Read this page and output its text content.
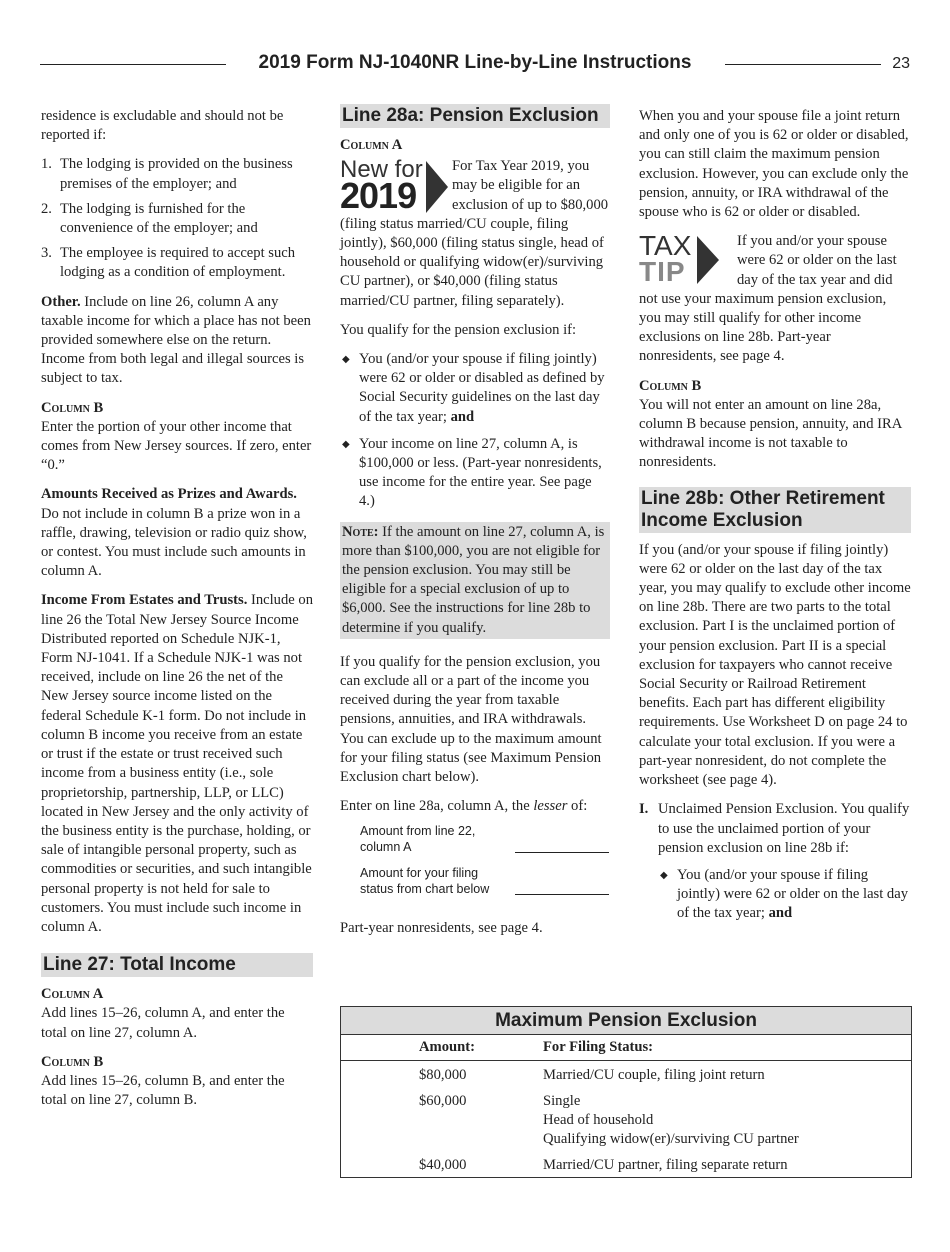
2019 Form NJ-1040NR Line-by-Line Instructions	23

residence is excludable and should not be reported if:

1. The lodging is provided on the business premises of the employer; and
2. The lodging is furnished for the convenience of the employer; and
3. The employee is required to accept such lodging as a condition of employment.

Other. Include on line 26, column A any taxable income for which a place has not been provided somewhere else on the return. Income from both legal and illegal sources is subject to tax.

Column B

Enter the portion of your other income that comes from New Jersey sources. If zero, enter “0.”

Amounts Received as Prizes and Awards. Do not include in column B a prize won in a raffle, drawing, television or radio quiz show, or contest. You must include such amounts in column A.

Income From Estates and Trusts. Include on line 26 the Total New Jersey Source Income Distributed reported on Schedule NJK-1, Form NJ-1041. If a Schedule NJK-1 was not received, include on line 26 the net of the New Jersey source income listed on the federal Schedule K-1 form. Do not include in column B income you receive from an estate or trust if the estate or trust received such income from a business entity (i.e., sole proprietorship, partnership, LLP, or LLC) located in New Jersey and the only activity of the business entity is the purchase, holding, or sale of intangible personal property, such as commodities or securities, and such intangible personal property is not held for sale to customers. You must include such income in column A.

Line 27: Total Income
Column A

Add lines 15–26, column A, and enter the total on line 27, column A.

Column B

Add lines 15–26, column B, and enter the total on line 27, column B.

Line 28a: Pension Exclusion
Column A
New for
2019
For Tax Year 2019, you may be eligible for an exclusion of up to $80,000 (filing status married/CU couple, filing jointly), $60,000 (filing status single, head of household or qualifying widow(er)/surviving CU partner), or $40,000 (filing status married/CU partner, filing separately).

You qualify for the pension exclusion if:

◆ You (and/or your spouse if filing jointly) were 62 or older or disabled as defined by Social Security guidelines on the last day of the tax year; and
◆ Your income on line 27, column A, is $100,000 or less. (Part-year nonresidents, use income for the entire year. See page 4.)
Note: If the amount on line 27, column A, is more than $100,000, you are not eligible for the pension exclusion. You may still be eligible for a special exclusion of up to $6,000. See the instructions for line 28b to determine if you qualify.

If you qualify for the pension exclusion, you can exclude all or a part of the income you received during the year from taxable pensions, annuities, and IRA withdrawals. You can exclude up to the maximum amount for your filing status (see Maximum Pension Exclusion chart below).

Enter on line 28a, column A, the lesser of:

Amount from line 22, column A
Amount for your filing status from chart below

Part-year nonresidents, see page 4.

When you and your spouse file a joint return and only one of you is 62 or older or disabled, you can still claim the maximum pension exclusion. However, you can exclude only the pension, annuity, or IRA withdrawal of the spouse who is 62 or older or disabled.

TAX
TIP
If you and/or your spouse were 62 or older on the last day of the tax year and did not use your maximum pension exclusion, you may still qualify for other income exclusions on line 28b. Part-year nonresidents, see page 4.
Column B

You will not enter an amount on line 28a, column B because pension, annuity, and IRA withdrawal income is not taxable to nonresidents.

Line 28b: Other Retirement Income Exclusion

If you (and/or your spouse if filing jointly) were 62 or older on the last day of the tax year, you may qualify to exclude other income on line 28b. There are two parts to the total exclusion. Part I is the unclaimed portion of your pension exclusion. Part II is a special exclusion for taxpayers who cannot receive Social Security or Railroad Retirement benefits. Each part has different eligibility requirements. Use Worksheet D on page 24 to calculate your total exclusion. If you were a part-year nonresident, do not complete the worksheet (see page 4).

I. Unclaimed Pension Exclusion. You qualify to use the unclaimed portion of your pension exclusion on line 28b if:
◆ You (and/or your spouse if filing jointly) were 62 or older on the last day of the tax year; and
Maximum Pension Exclusion
Amount:	For Filing Status:
$80,000	Married/CU couple, filing joint return
$60,000	Single
Head of household
Qualifying widow(er)/surviving CU partner
$40,000	Married/CU partner, filing separate return
